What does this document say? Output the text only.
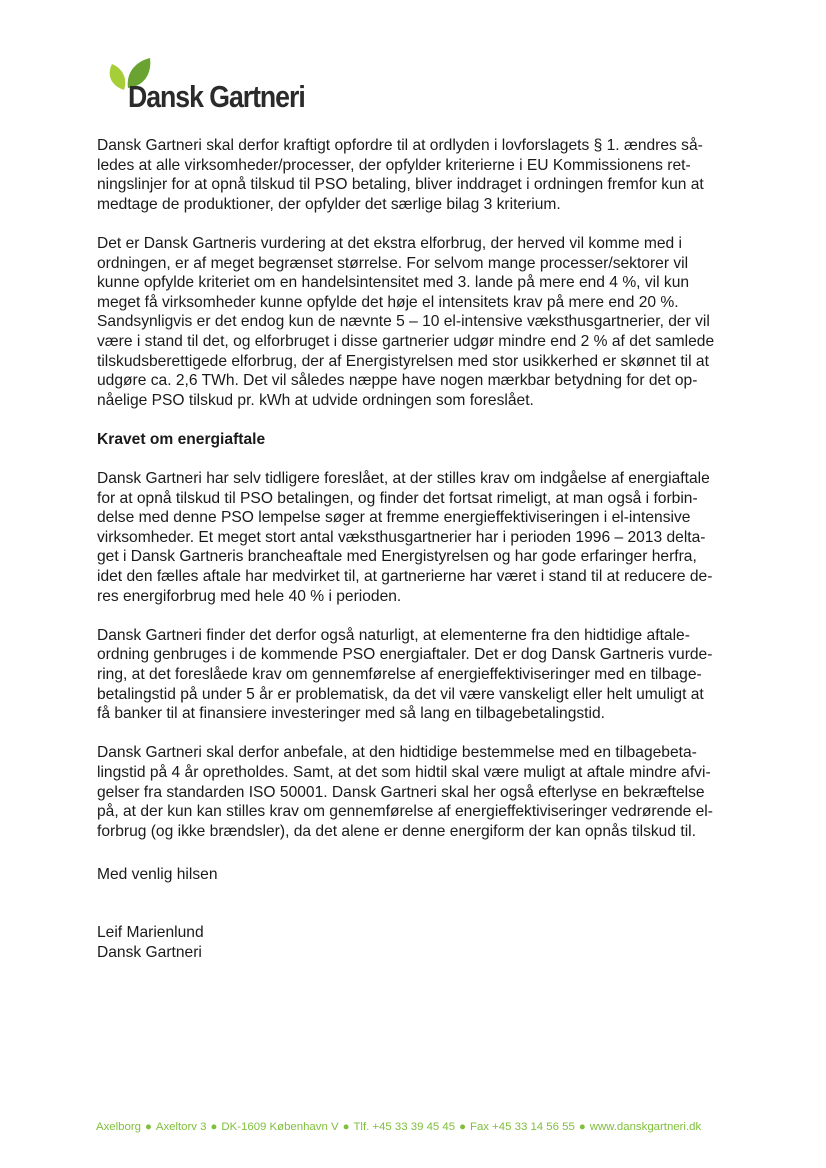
Dansk Gartneri

Dansk Gartneri skal derfor kraftigt opfordre til at ordlyden i lovforslagets § 1. ændres så-
ledes at alle virksomheder/processer, der opfylder kriterierne i EU Kommissionens ret-
ningslinjer for at opnå tilskud til PSO betaling, bliver inddraget i ordningen fremfor kun at
medtage de produktioner, der opfylder det særlige bilag 3 kriterium.

Det er Dansk Gartneris vurdering at det ekstra elforbrug, der herved vil komme med i
ordningen, er af meget begrænset størrelse. For selvom mange processer/sektorer vil
kunne opfylde kriteriet om en handelsintensitet med 3. lande på mere end 4 %, vil kun
meget få virksomheder kunne opfylde det høje el intensitets krav på mere end 20 %.
Sandsynligvis er det endog kun de nævnte 5 – 10 el-intensive væksthusgartnerier, der vil
være i stand til det, og elforbruget i disse gartnerier udgør mindre end 2 % af det samlede
tilskudsberettigede elforbrug, der af Energistyrelsen med stor usikkerhed er skønnet til at
udgøre ca. 2,6 TWh. Det vil således næppe have nogen mærkbar betydning for det op-
nåelige PSO tilskud pr. kWh at udvide ordningen som foreslået.

Kravet om energiaftale

Dansk Gartneri har selv tidligere foreslået, at der stilles krav om indgåelse af energiaftale
for at opnå tilskud til PSO betalingen, og finder det fortsat rimeligt, at man også i forbin-
delse med denne PSO lempelse søger at fremme energieffektiviseringen i el-intensive
virksomheder. Et meget stort antal væksthusgartnerier har i perioden 1996 – 2013 delta-
get i Dansk Gartneris brancheaftale med Energistyrelsen og har gode erfaringer herfra,
idet den fælles aftale har medvirket til, at gartnerierne har været i stand til at reducere de-
res energiforbrug med hele 40 % i perioden.

Dansk Gartneri finder det derfor også naturligt, at elementerne fra den hidtidige aftale-
ordning genbruges i de kommende PSO energiaftaler. Det er dog Dansk Gartneris vurde-
ring, at det foreslåede krav om gennemførelse af energieffektiviseringer med en tilbage-
betalingstid på under 5 år er problematisk, da det vil være vanskeligt eller helt umuligt at
få banker til at finansiere investeringer med så lang en tilbagebetalingstid.

Dansk Gartneri skal derfor anbefale, at den hidtidige bestemmelse med en tilbagebeta-
lingstid på 4 år opretholdes. Samt, at det som hidtil skal være muligt at aftale mindre afvi-
gelser fra standarden ISO 50001. Dansk Gartneri skal her også efterlyse en bekræftelse
på, at der kun kan stilles krav om gennemførelse af energieffektiviseringer vedrørende el-
forbrug (og ikke brændsler), da det alene er denne energiform der kan opnås tilskud til.

Med venlig hilsen

Leif Marienlund
Dansk Gartneri
Axelborg ● Axeltorv 3 ● DK-1609 København V ● Tlf. +45 33 39 45 45 ● Fax +45 33 14 56 55 ● www.danskgartneri.dk
